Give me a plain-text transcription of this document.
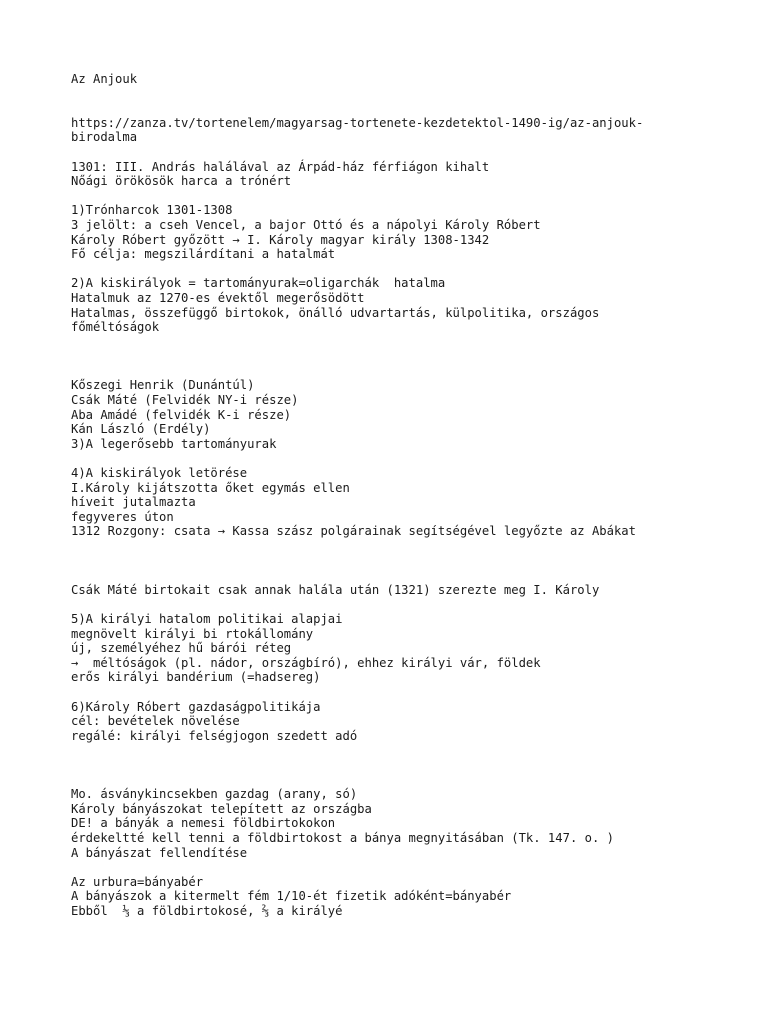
Az Anjouk
https://zanza.tv/tortenelem/magyarsag-tortenete-kezdetektol-1490-ig/az-anjouk-
birodalma
1301: III. András halálával az Árpád-ház férfiágon kihalt
Nőági örökösök harca a trónért
1)Trónharcok 1301-1308
3 jelölt: a cseh Vencel, a bajor Ottó és a nápolyi Károly Róbert
Károly Róbert győzött → I. Károly magyar király 1308-1342
Fő célja: megszilárdítani a hatalmát
2)A kiskirályok = tartományurak=oligarchák  hatalma
Hatalmuk az 1270-es évektől megerősödött
Hatalmas, összefüggő birtokok, önálló udvartartás, külpolitika, országos
főméltóságok
Kőszegi Henrik (Dunántúl)
Csák Máté (Felvidék NY-i része)
Aba Amádé (felvidék K-i része)
Kán László (Erdély)
3)A legerősebb tartományurak
4)A kiskirályok letörése
I.Károly kijátszotta őket egymás ellen
híveit jutalmazta
fegyveres úton
1312 Rozgony: csata → Kassa szász polgárainak segítségével legyőzte az Abákat
Csák Máté birtokait csak annak halála után (1321) szerezte meg I. Károly
5)A királyi hatalom politikai alapjai
megnövelt királyi bi rtokállomány
új, személyéhez hű bárói réteg
→  méltóságok (pl. nádor, országbíró), ehhez királyi vár, földek
erős királyi bandérium (=hadsereg)
6)Károly Róbert gazdaságpolitikája
cél: bevételek növelése
regálé: királyi felségjogon szedett adó
Mo. ásványkincsekben gazdag (arany, só)
Károly bányászokat telepített az országba
DE! a bányák a nemesi földbirtokokon
érdekeltté kell tenni a földbirtokost a bánya megnyitásában (Tk. 147. o. )
A bányászat fellendítése
Az urbura=bányabér
A bányászok a kitermelt fém 1/10-ét fizetik adóként=bányabér
Ebből  ⅓ a földbirtokosé, ⅔ a királyé
